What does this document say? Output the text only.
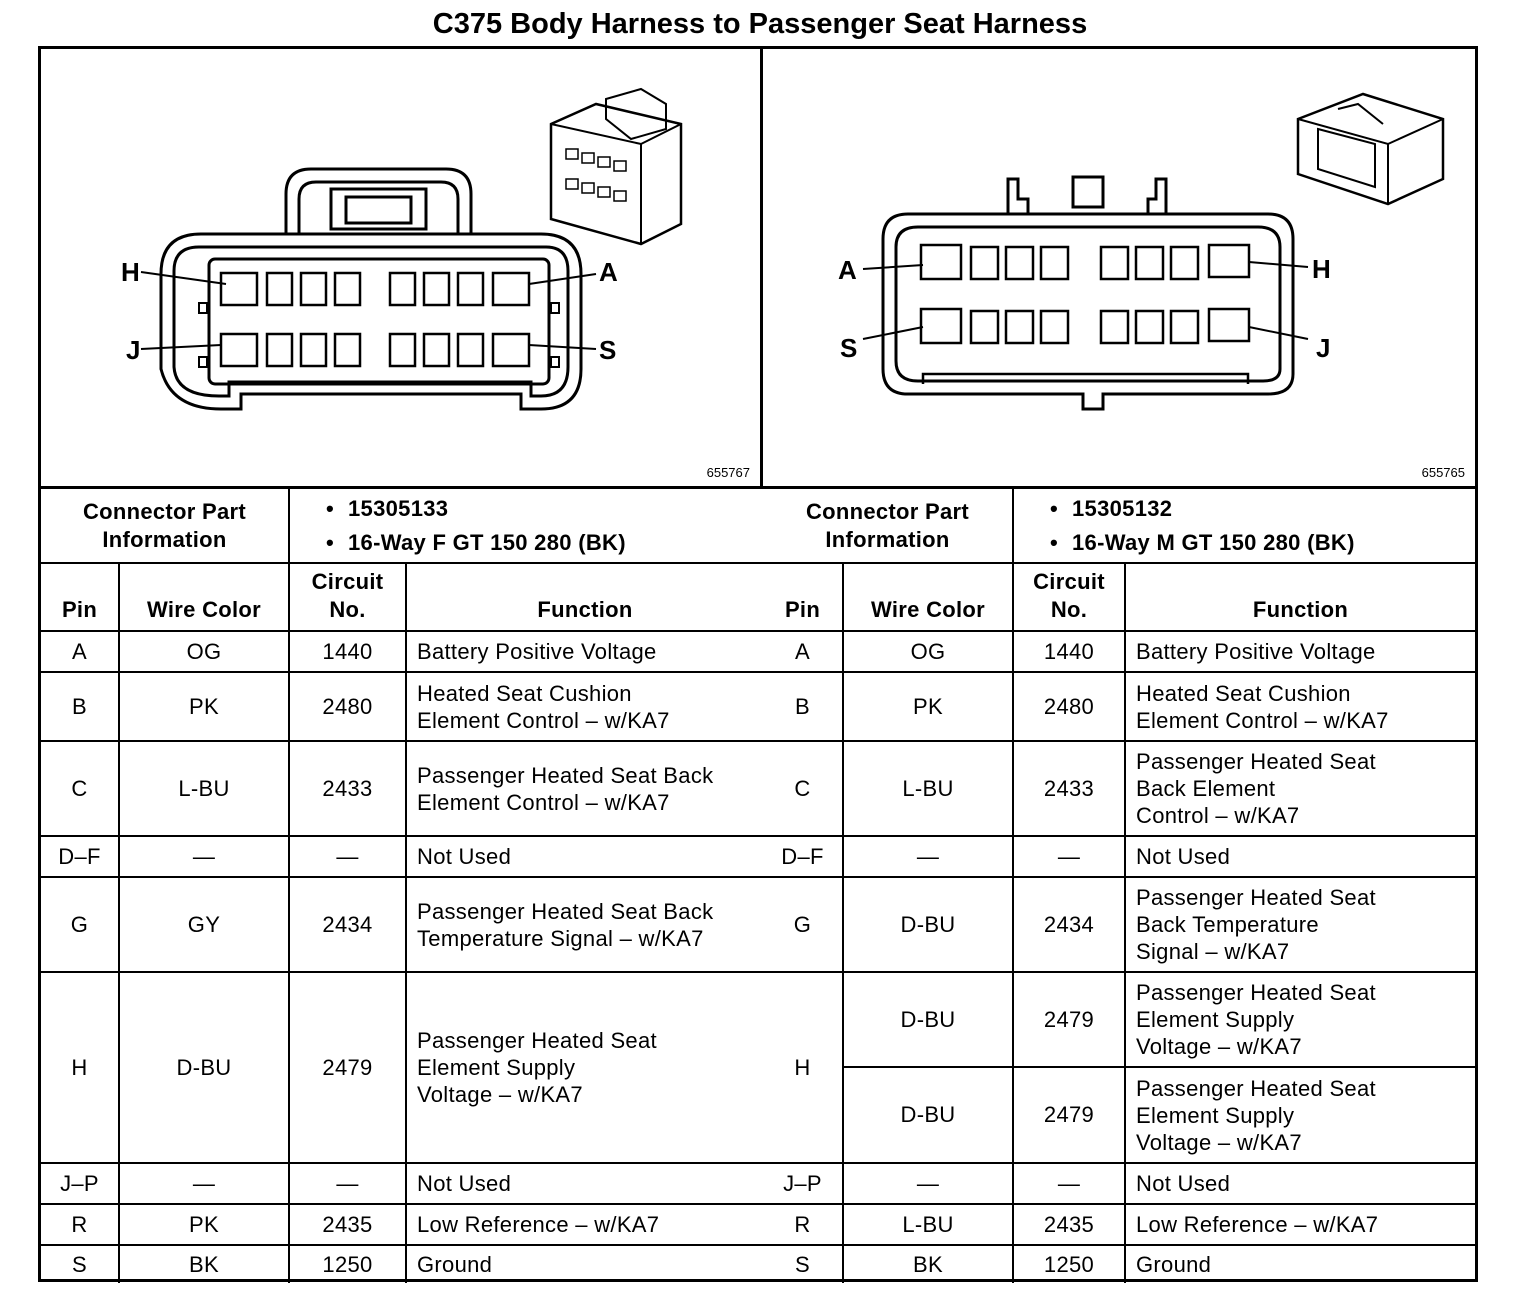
C375 Body Harness to Passenger Seat Harness
H
J
A
S
655767
A
S
H
J
655765
Connector Part Information		• 15305133
• 16-Way F GT 150 280 (BK)

Pin	Wire Color	Circuit No.	Function
A	OG	1440	Battery Positive Voltage
B	PK	2480	Heated Seat Cushion
Element Control – w/KA7
C	L-BU	2433	Passenger Heated Seat Back
Element Control – w/KA7
D–F	—	—	Not Used
G	GY	2434	Passenger Heated Seat Back
Temperature Signal – w/KA7
H	D-BU	2479	Passenger Heated Seat
Element Supply
Voltage – w/KA7
J–P	—	—	Not Used
R	PK	2435	Low Reference – w/KA7
S	BK	1250	Ground
Connector Part Information		• 15305132
• 16-Way M GT 150 280 (BK)

Pin	Wire Color	Circuit No.	Function
A	OG	1440	Battery Positive Voltage
B	PK	2480	Heated Seat Cushion
Element Control – w/KA7
C	L-BU	2433	Passenger Heated Seat
Back Element
Control – w/KA7
D–F	—	—	Not Used
G	D-BU	2434	Passenger Heated Seat
Back Temperature
Signal – w/KA7
H	D-BU	2479	Passenger Heated Seat
Element Supply
Voltage – w/KA7
	D-BU	2479	Passenger Heated Seat
Element Supply
Voltage – w/KA7
J–P	—	—	Not Used
R	L-BU	2435	Low Reference – w/KA7
S	BK	1250	Ground
